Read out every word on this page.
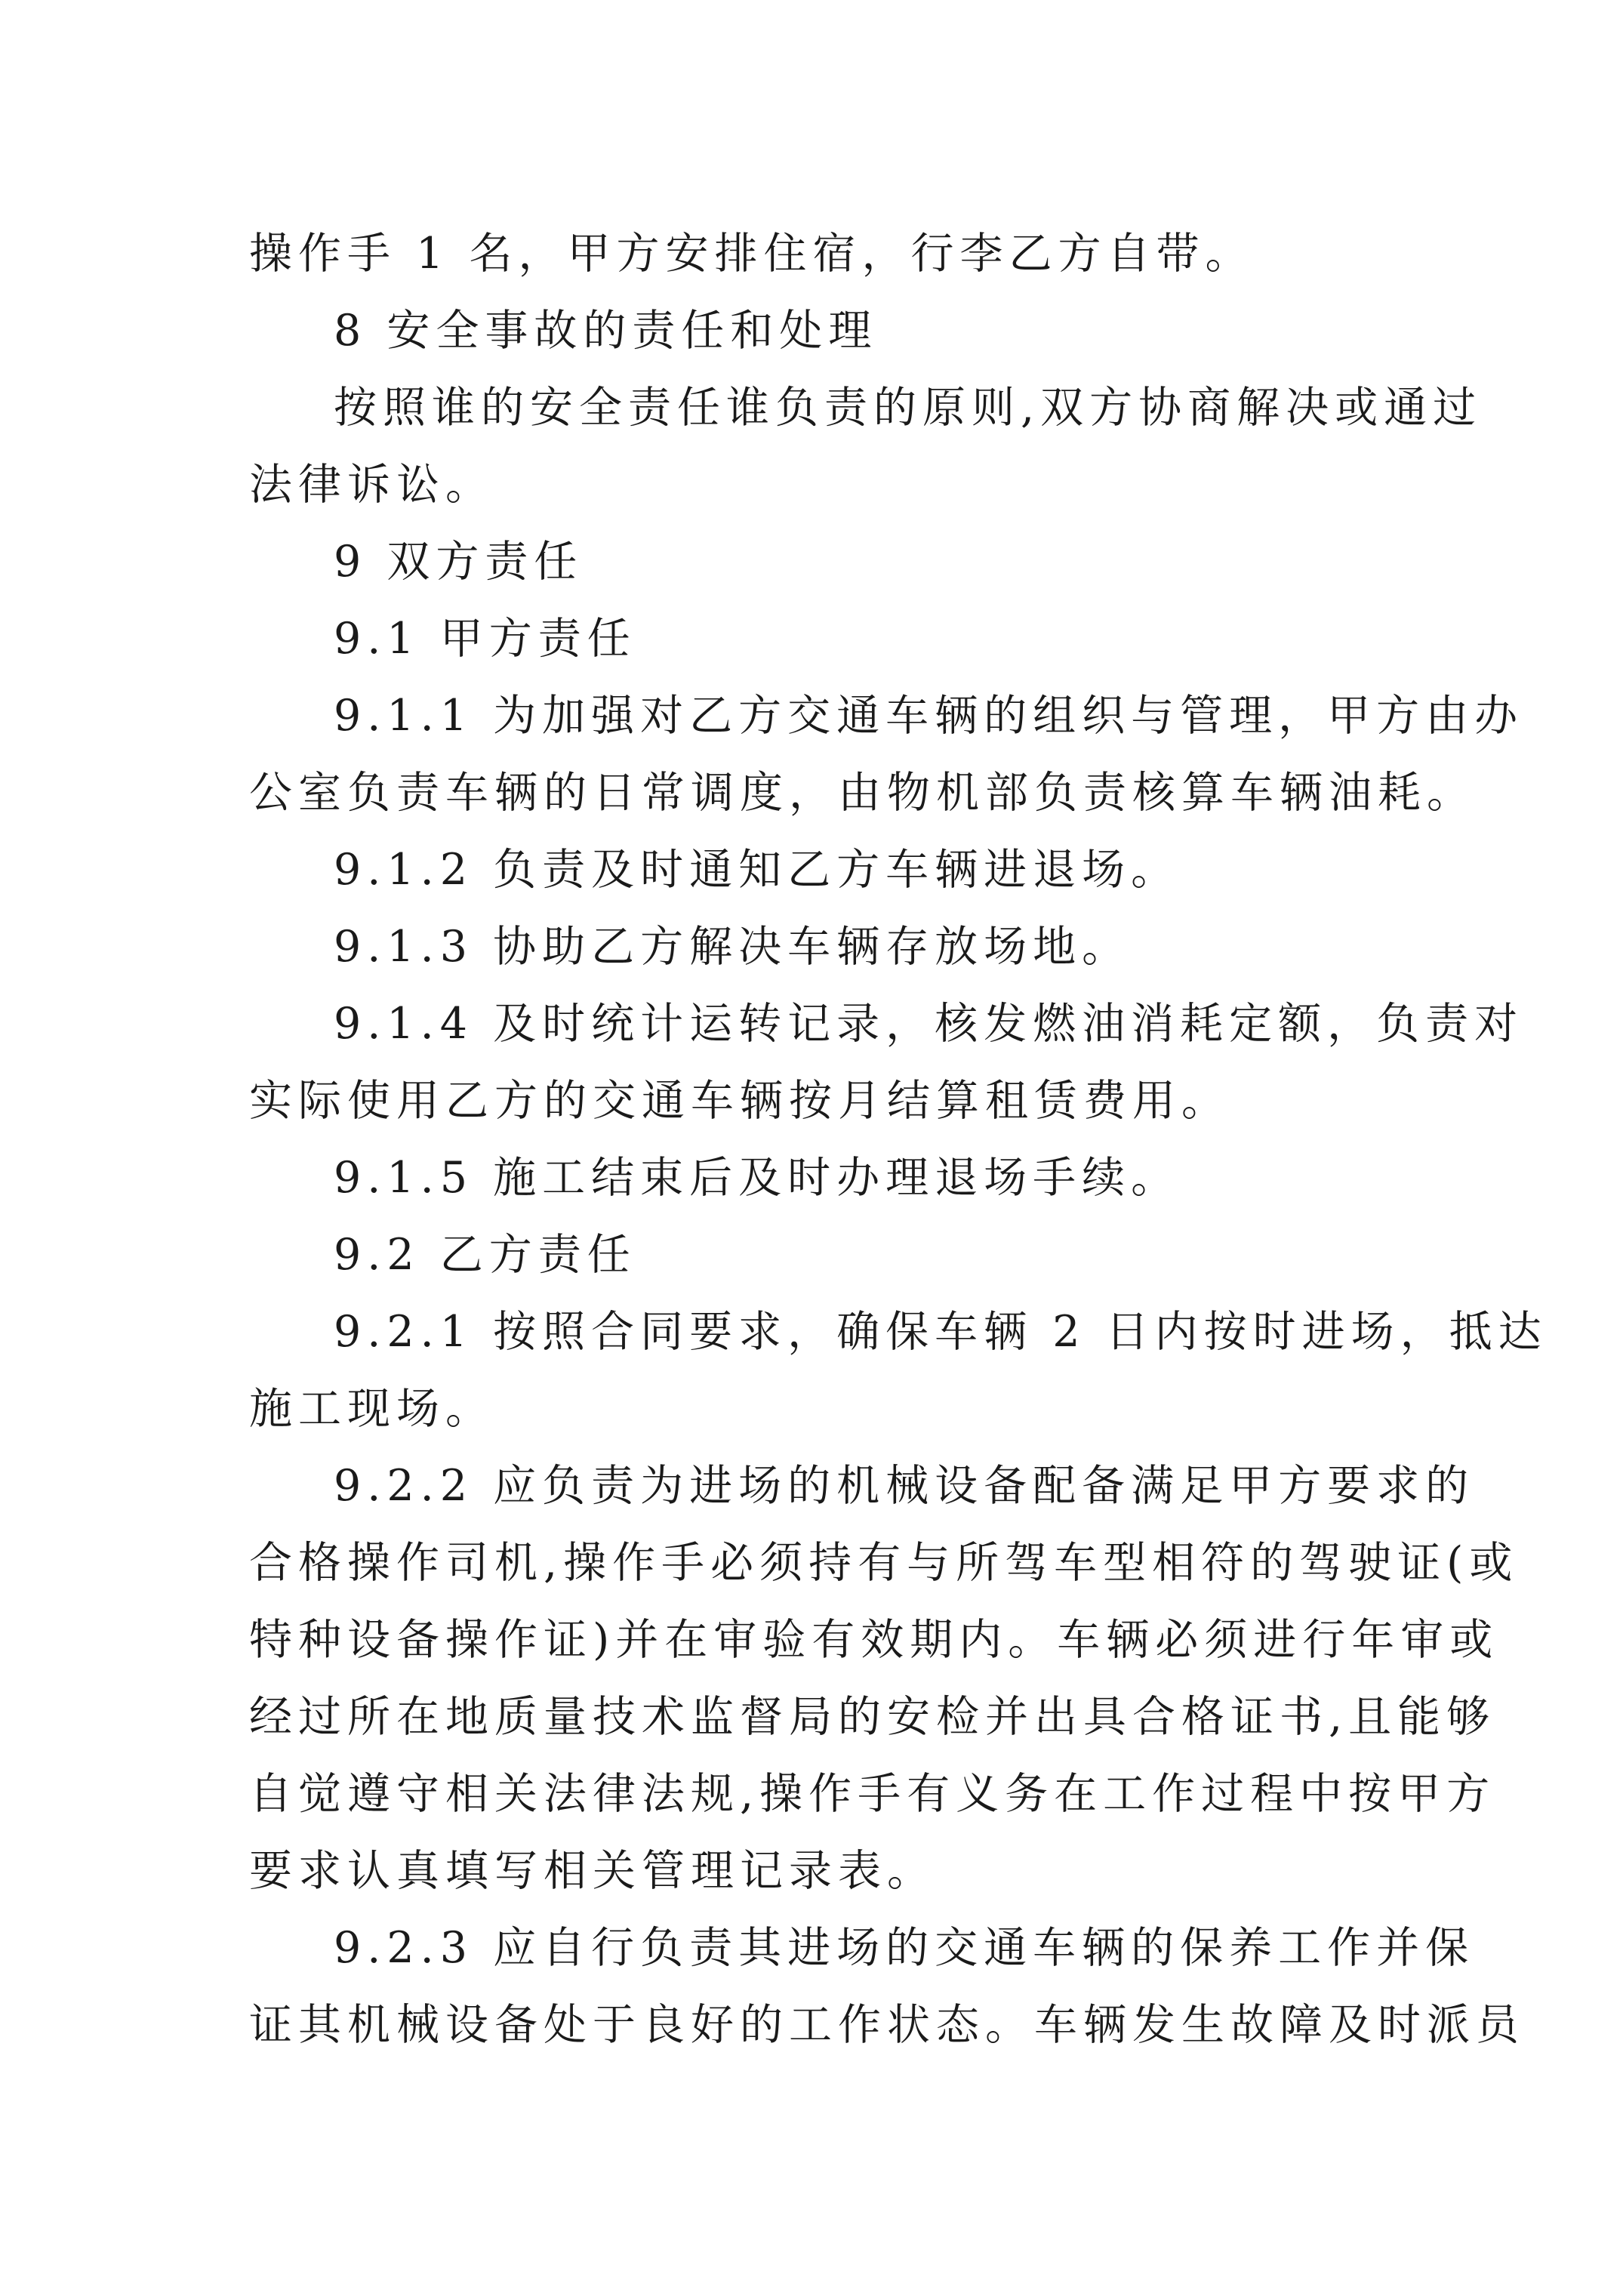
操作手 1 名，甲方安排住宿，行李乙方自带。
8 安全事故的责任和处理
按照谁的安全责任谁负责的原则,双方协商解决或通过
法律诉讼。
9 双方责任
9.1 甲方责任
9.1.1 为加强对乙方交通车辆的组织与管理，甲方由办
公室负责车辆的日常调度，由物机部负责核算车辆油耗。
9.1.2 负责及时通知乙方车辆进退场。
9.1.3 协助乙方解决车辆存放场地。
9.1.4 及时统计运转记录，核发燃油消耗定额，负责对
实际使用乙方的交通车辆按月结算租赁费用。
9.1.5 施工结束后及时办理退场手续。
9.2 乙方责任
9.2.1 按照合同要求，确保车辆 2 日内按时进场，抵达
施工现场。
9.2.2 应负责为进场的机械设备配备满足甲方要求的
合格操作司机,操作手必须持有与所驾车型相符的驾驶证(或
特种设备操作证)并在审验有效期内。车辆必须进行年审或
经过所在地质量技术监督局的安检并出具合格证书,且能够
自觉遵守相关法律法规,操作手有义务在工作过程中按甲方
要求认真填写相关管理记录表。
9.2.3 应自行负责其进场的交通车辆的保养工作并保
证其机械设备处于良好的工作状态。车辆发生故障及时派员
